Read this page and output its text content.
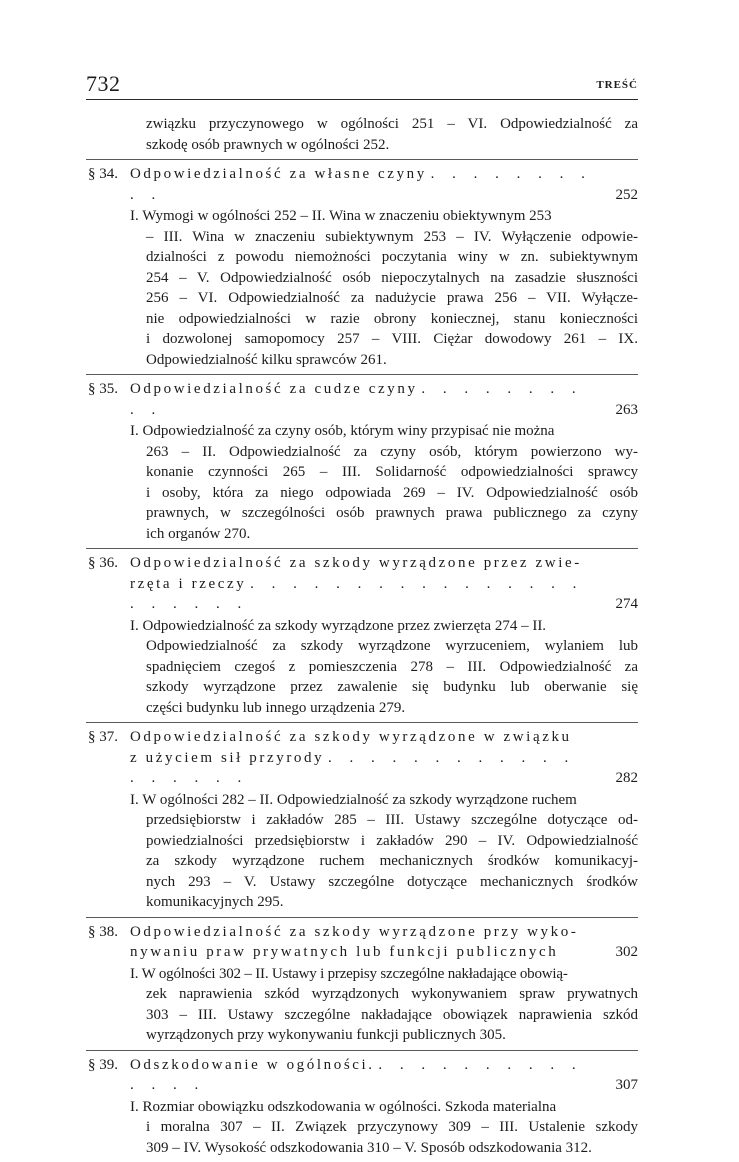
732	TREŚĆ
związku przyczynowego w ogólności 251 – VI. Odpowiedzialność za
szkodę osób prawnych w ogólności 252.
§ 34. Odpowiedzialność za własne czyny . . . . . . . . . .	252
I. Wymogi w ogólności 252 – II. Wina w znaczeniu obiektywnym 253
– III. Wina w znaczeniu subiektywnym 253 – IV. Wyłączenie odpowie-
dzialności z powodu niemożności poczytania winy w zn. subiektywnym
254 – V. Odpowiedzialność osób niepoczytalnych na zasadzie słuszności
256 – VI. Odpowiedzialność za nadużycie prawa 256 – VII. Wyłącze-
nie odpowiedzialności w razie obrony koniecznej, stanu konieczności
i dozwolonej samopomocy 257 – VIII. Ciężar dowodowy 261 – IX.
Odpowiedzialność kilku sprawców 261.
§ 35. Odpowiedzialność za cudze czyny . . . . . . . . . .	263
I. Odpowiedzialność za czyny osób, którym winy przypisać nie można
263 – II. Odpowiedzialność za czyny osób, którym powierzono wy-
konanie czynności 265 – III. Solidarność odpowiedzialności sprawcy
i osoby, która za niego odpowiada 269 – IV. Odpowiedzialność osób
prawnych, w szczególności osób prawnych prawa publicznego za czyny
ich organów 270.
§ 36. Odpowiedzialność za szkody wyrządzone przez zwie-
rzęta i rzeczy . . . . . . . . . . . . . . . . . . . . . .	274
I. Odpowiedzialność za szkody wyrządzone przez zwierzęta 274 – II.
Odpowiedzialność za szkody wyrządzone wyrzuceniem, wylaniem lub
spadnięciem czegoś z pomieszczenia 278 – III. Odpowiedzialność za
szkody wyrządzone przez zawalenie się budynku lub oberwanie się
części budynku lub innego urządzenia 279.
§ 37. Odpowiedzialność za szkody wyrządzone w związku
z użyciem sił przyrody . . . . . . . . . . . . . . . . . .	282
I. W ogólności 282 – II. Odpowiedzialność za szkody wyrządzone ruchem
przedsiębiorstw i zakładów 285 – III. Ustawy szczególne dotyczące od-
powiedzialności przedsiębiorstw i zakładów 290 – IV. Odpowiedzialność
za szkody wyrządzone ruchem mechanicznych środków komunikacyj-
nych 293 – V. Ustawy szczególne dotyczące mechanicznych środków
komunikacyjnych 295.
§ 38. Odpowiedzialność za szkody wyrządzone przy wyko-
nywaniu praw prywatnych lub funkcji publicznych	302
I. W ogólności 302 – II. Ustawy i przepisy szczególne nakładające obowią-
zek naprawienia szkód wyrządzonych wykonywaniem spraw prywatnych
303 – III. Ustawy szczególne nakładające obowiązek naprawienia szkód
wyrządzonych przy wykonywaniu funkcji publicznych 305.
§ 39. Odszkodowanie w ogólności. . . . . . . . . . . . . . .	307
I. Rozmiar obowiązku odszkodowania w ogólności. Szkoda materialna
i moralna 307 – II. Związek przyczynowy 309 – III. Ustalenie szkody
309 – IV. Wysokość odszkodowania 310 – V. Sposób odszkodowania 312.
